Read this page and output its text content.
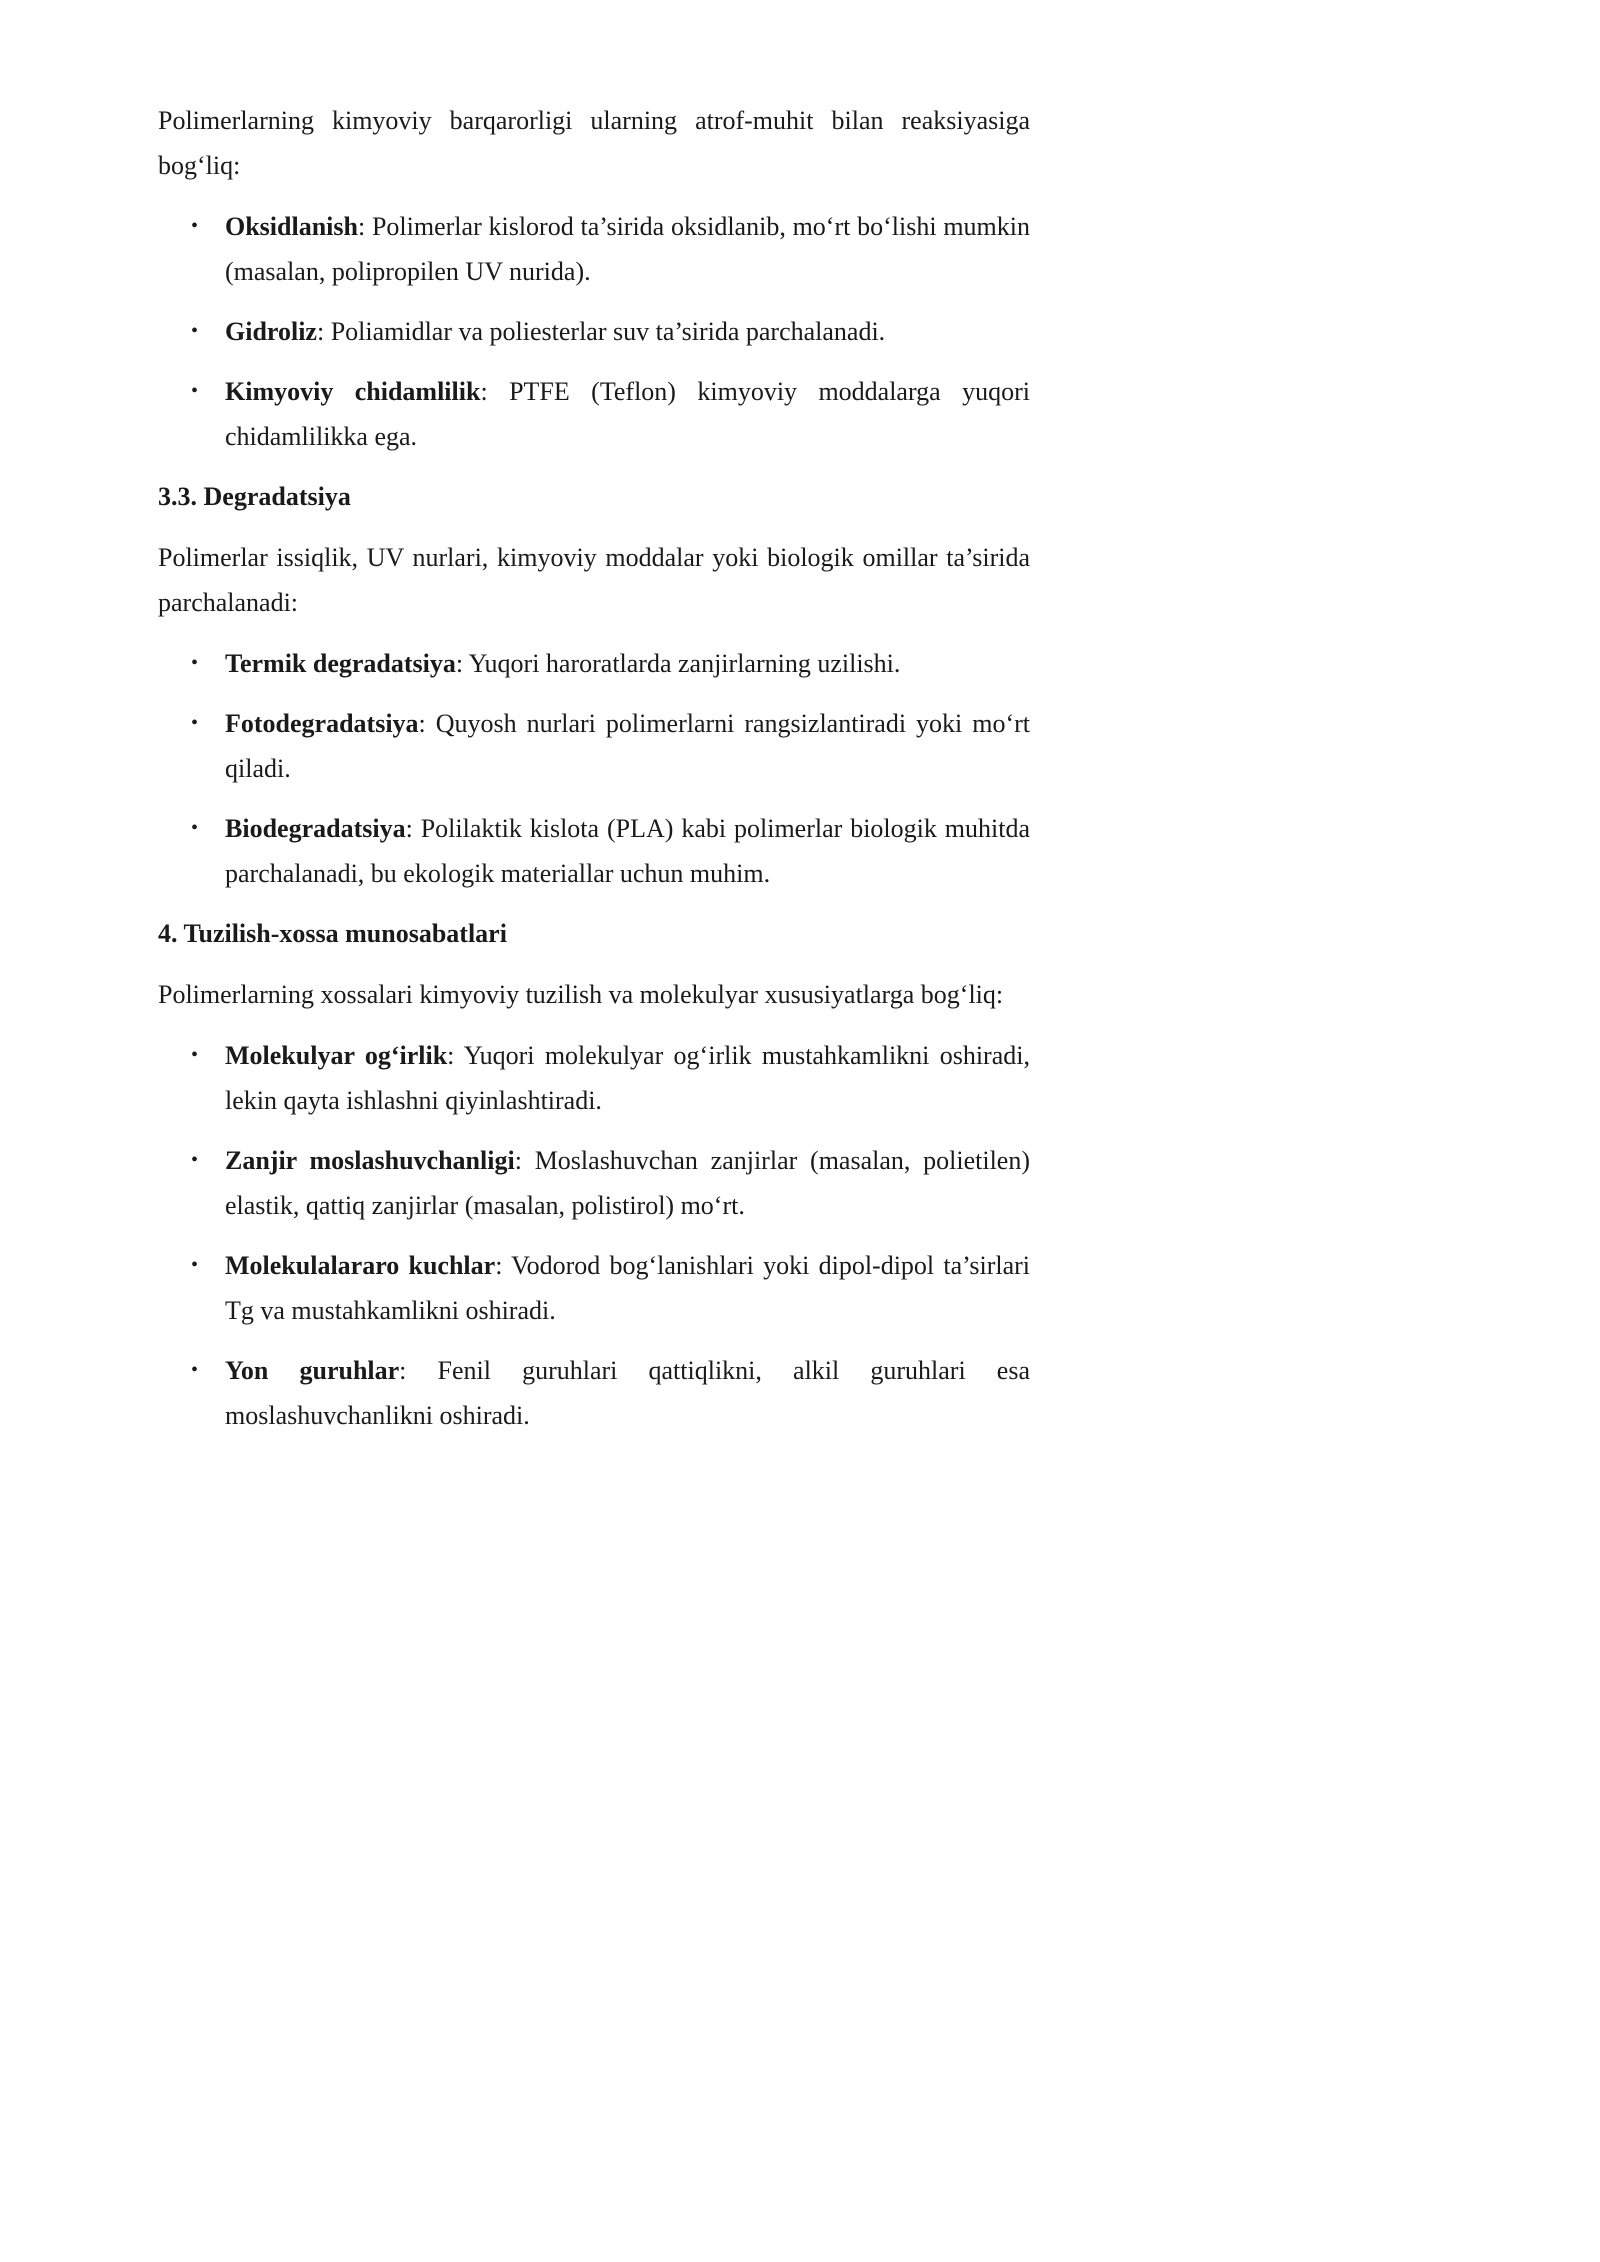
Polimerlarning kimyoviy barqarorligi ularning atrof-muhit bilan reaksiyasiga bog‘liq:

•	Oksidlanish: Polimerlar kislorod ta’sirida oksidlanib, mo‘rt bo‘lishi mumkin (masalan, polipropilen UV nurida).
•	Gidroliz: Poliamidlar va poliesterlar suv ta’sirida parchalanadi.
•	Kimyoviy chidamlilik: PTFE (Teflon) kimyoviy moddalarga yuqori chidamlilikka ega.
3.3. Degradatsiya

Polimerlar issiqlik, UV nurlari, kimyoviy moddalar yoki biologik omillar ta’sirida parchalanadi:

•	Termik degradatsiya: Yuqori haroratlarda zanjirlarning uzilishi.
•	Fotodegradatsiya: Quyosh nurlari polimerlarni rangsizlantiradi yoki mo‘rt qiladi.
•	Biodegradatsiya: Polilaktik kislota (PLA) kabi polimerlar biologik muhitda parchalanadi, bu ekologik materiallar uchun muhim.
4. Tuzilish-xossa munosabatlari

Polimerlarning xossalari kimyoviy tuzilish va molekulyar xususiyatlarga bog‘liq:

•	Molekulyar og‘irlik: Yuqori molekulyar og‘irlik mustahkamlikni oshiradi, lekin qayta ishlashni qiyinlashtiradi.
•	Zanjir moslashuvchanligi: Moslashuvchan zanjirlar (masalan, polietilen) elastik, qattiq zanjirlar (masalan, polistirol) mo‘rt.
•	Molekulalararo kuchlar: Vodorod bog‘lanishlari yoki dipol-dipol ta’sirlari Tg va mustahkamlikni oshiradi.
•	Yon guruhlar: Fenil guruhlari qattiqlikni, alkil guruhlari esa moslashuvchanlikni oshiradi.
